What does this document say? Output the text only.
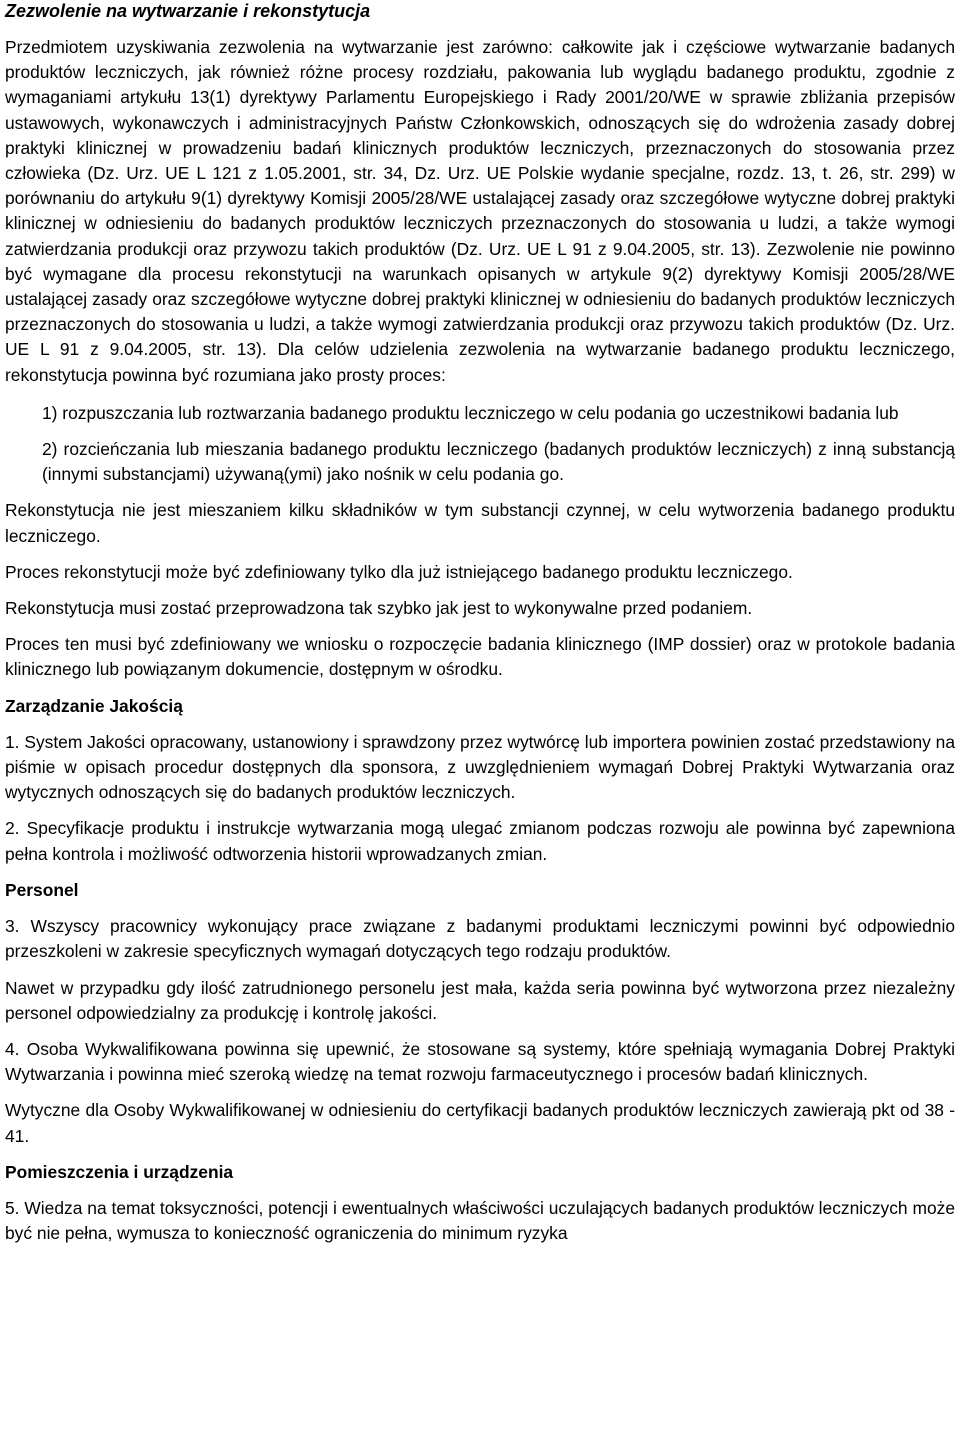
Zezwolenie na wytwarzanie i rekonstytucja
Przedmiotem uzyskiwania zezwolenia na wytwarzanie jest zarówno: całkowite jak i częściowe wytwarzanie badanych produktów leczniczych, jak również różne procesy rozdziału, pakowania lub wyglądu badanego produktu, zgodnie z wymaganiami artykułu 13(1) dyrektywy Parlamentu Europejskiego i Rady 2001/20/WE w sprawie zbliżania przepisów ustawowych, wykonawczych i administracyjnych Państw Członkowskich, odnoszących się do wdrożenia zasady dobrej praktyki klinicznej w prowadzeniu badań klinicznych produktów leczniczych, przeznaczonych do stosowania przez człowieka (Dz. Urz. UE L 121 z 1.05.2001, str. 34, Dz. Urz. UE Polskie wydanie specjalne, rozdz. 13, t. 26, str. 299) w porównaniu do artykułu 9(1) dyrektywy Komisji 2005/28/WE ustalającej zasady oraz szczegółowe wytyczne dobrej praktyki klinicznej w odniesieniu do badanych produktów leczniczych przeznaczonych do stosowania u ludzi, a także wymogi zatwierdzania produkcji oraz przywozu takich produktów (Dz. Urz. UE L 91 z 9.04.2005, str. 13). Zezwolenie nie powinno być wymagane dla procesu rekonstytucji na warunkach opisanych w artykule 9(2) dyrektywy Komisji 2005/28/WE ustalającej zasady oraz szczegółowe wytyczne dobrej praktyki klinicznej w odniesieniu do badanych produktów leczniczych przeznaczonych do stosowania u ludzi, a także wymogi zatwierdzania produkcji oraz przywozu takich produktów (Dz. Urz. UE L 91 z 9.04.2005, str. 13). Dla celów udzielenia zezwolenia na wytwarzanie badanego produktu leczniczego, rekonstytucja powinna być rozumiana jako prosty proces:
1) rozpuszczania lub roztwarzania badanego produktu leczniczego w celu podania go uczestnikowi badania lub
2) rozcieńczania lub mieszania badanego produktu leczniczego (badanych produktów leczniczych) z inną substancją (innymi substancjami) używaną(ymi) jako nośnik w celu podania go.
Rekonstytucja nie jest mieszaniem kilku składników w tym substancji czynnej, w celu wytworzenia badanego produktu leczniczego.
Proces rekonstytucji może być zdefiniowany tylko dla już istniejącego badanego produktu leczniczego.
Rekonstytucja musi zostać przeprowadzona tak szybko jak jest to wykonywalne przed podaniem.
Proces ten musi być zdefiniowany we wniosku o rozpoczęcie badania klinicznego (IMP dossier) oraz w protokole badania klinicznego lub powiązanym dokumencie, dostępnym w ośrodku.
Zarządzanie Jakością
1. System Jakości opracowany, ustanowiony i sprawdzony przez wytwórcę lub importera powinien zostać przedstawiony na piśmie w opisach procedur dostępnych dla sponsora, z uwzględnieniem wymagań Dobrej Praktyki Wytwarzania oraz wytycznych odnoszących się do badanych produktów leczniczych.
2. Specyfikacje produktu i instrukcje wytwarzania mogą ulegać zmianom podczas rozwoju ale powinna być zapewniona pełna kontrola i możliwość odtworzenia historii wprowadzanych zmian.
Personel
3. Wszyscy pracownicy wykonujący prace związane z badanymi produktami leczniczymi powinni być odpowiednio przeszkoleni w zakresie specyficznych wymagań dotyczących tego rodzaju produktów.
Nawet w przypadku gdy ilość zatrudnionego personelu jest mała, każda seria powinna być wytworzona przez niezależny personel odpowiedzialny za produkcję i kontrolę jakości.
4. Osoba Wykwalifikowana powinna się upewnić, że stosowane są systemy, które spełniają wymagania Dobrej Praktyki Wytwarzania i powinna mieć szeroką wiedzę na temat rozwoju farmaceutycznego i procesów badań klinicznych.
Wytyczne dla Osoby Wykwalifikowanej w odniesieniu do certyfikacji badanych produktów leczniczych zawierają pkt od 38 - 41.
Pomieszczenia i urządzenia
5. Wiedza na temat toksyczności, potencji i ewentualnych właściwości uczulających badanych produktów leczniczych może być nie pełna, wymusza to konieczność ograniczenia do minimum ryzyka
